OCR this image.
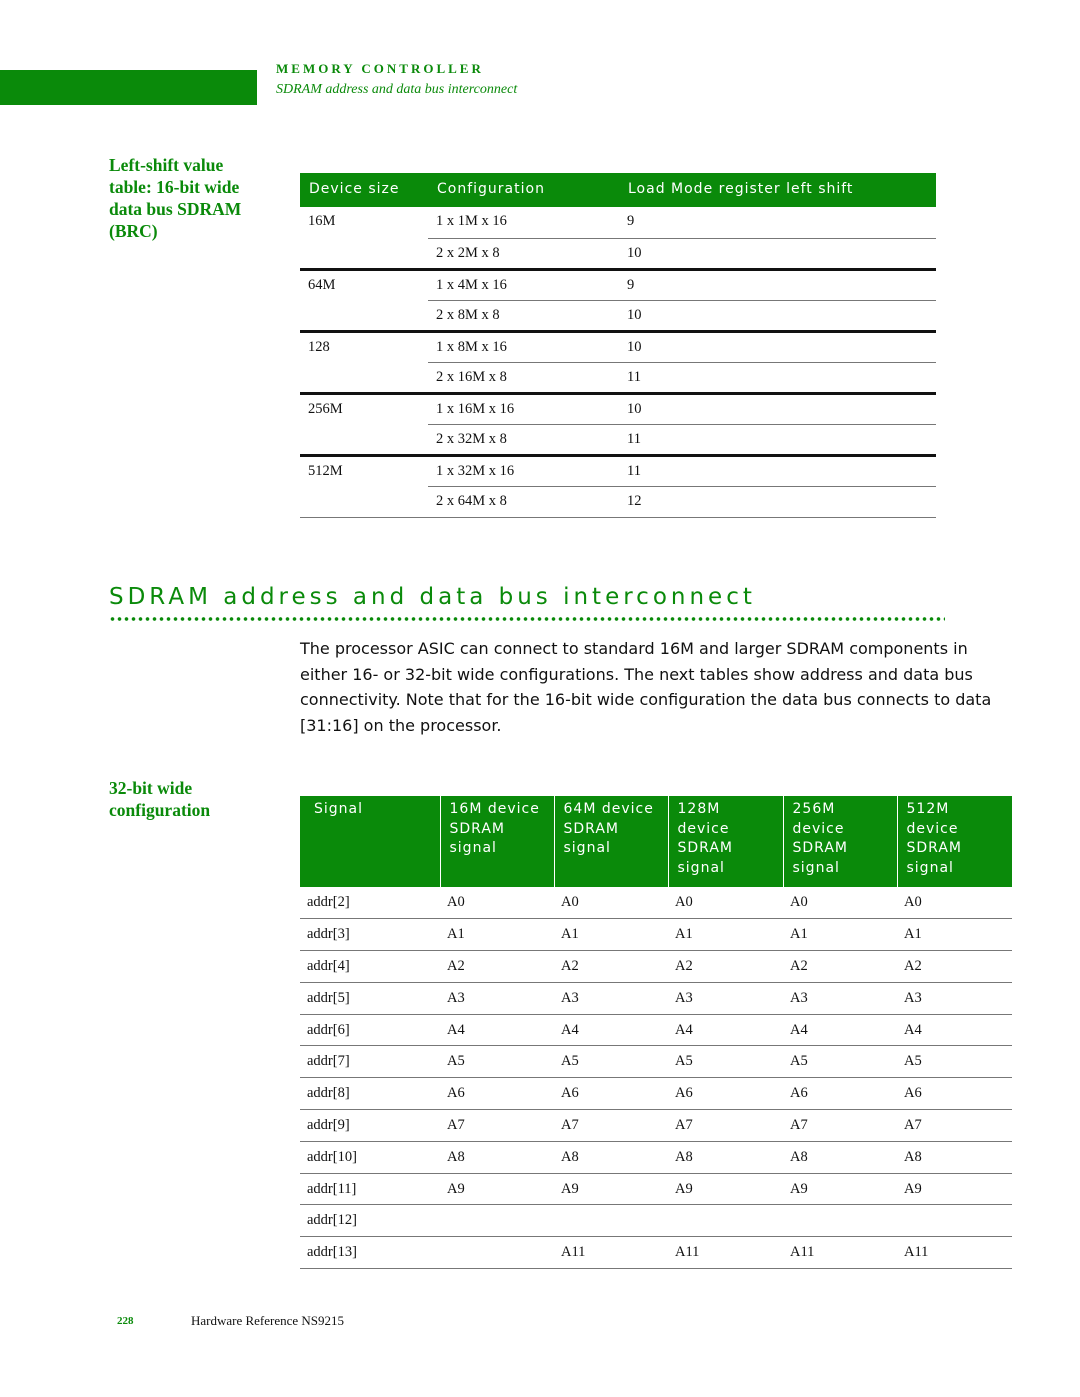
MEMORY CONTROLLER
SDRAM address and data bus interconnect
Left-shift value table: 16-bit wide data bus SDRAM (BRC)
Device size	Configuration	Load Mode register left shift
16M	1 x 1M x 16	9
	2 x 2M x 8	10
64M	1 x 4M x 16	9
	2 x 8M x 8	10
128	1 x 8M x 16	10
	2 x 16M x 8	11
256M	1 x 16M x 16	10
	2 x 32M x 8	11
512M	1 x 32M x 16	11
	2 x 64M x 8	12
SDRAM address and data bus interconnect
The processor ASIC can connect to standard 16M and larger SDRAM components in either 16- or 32-bit wide configurations. The next tables show address and data bus connectivity. Note that for the 16-bit wide configuration the data bus connects to data [31:16] on the processor.
32-bit wide configuration	Signal	16M device SDRAM signal	64M device SDRAM signal	128M device SDRAM signal	256M device SDRAM signal	512M device SDRAM signal
addr[2]	A0	A0	A0	A0	A0
addr[3]	A1	A1	A1	A1	A1
addr[4]	A2	A2	A2	A2	A2
addr[5]	A3	A3	A3	A3	A3
addr[6]	A4	A4	A4	A4	A4
addr[7]	A5	A5	A5	A5	A5
addr[8]	A6	A6	A6	A6	A6
addr[9]	A7	A7	A7	A7	A7
addr[10]	A8	A8	A8	A8	A8
addr[11]	A9	A9	A9	A9	A9
addr[12]					
addr[13]		A11	A11	A11	A11
228	Hardware Reference NS9215
